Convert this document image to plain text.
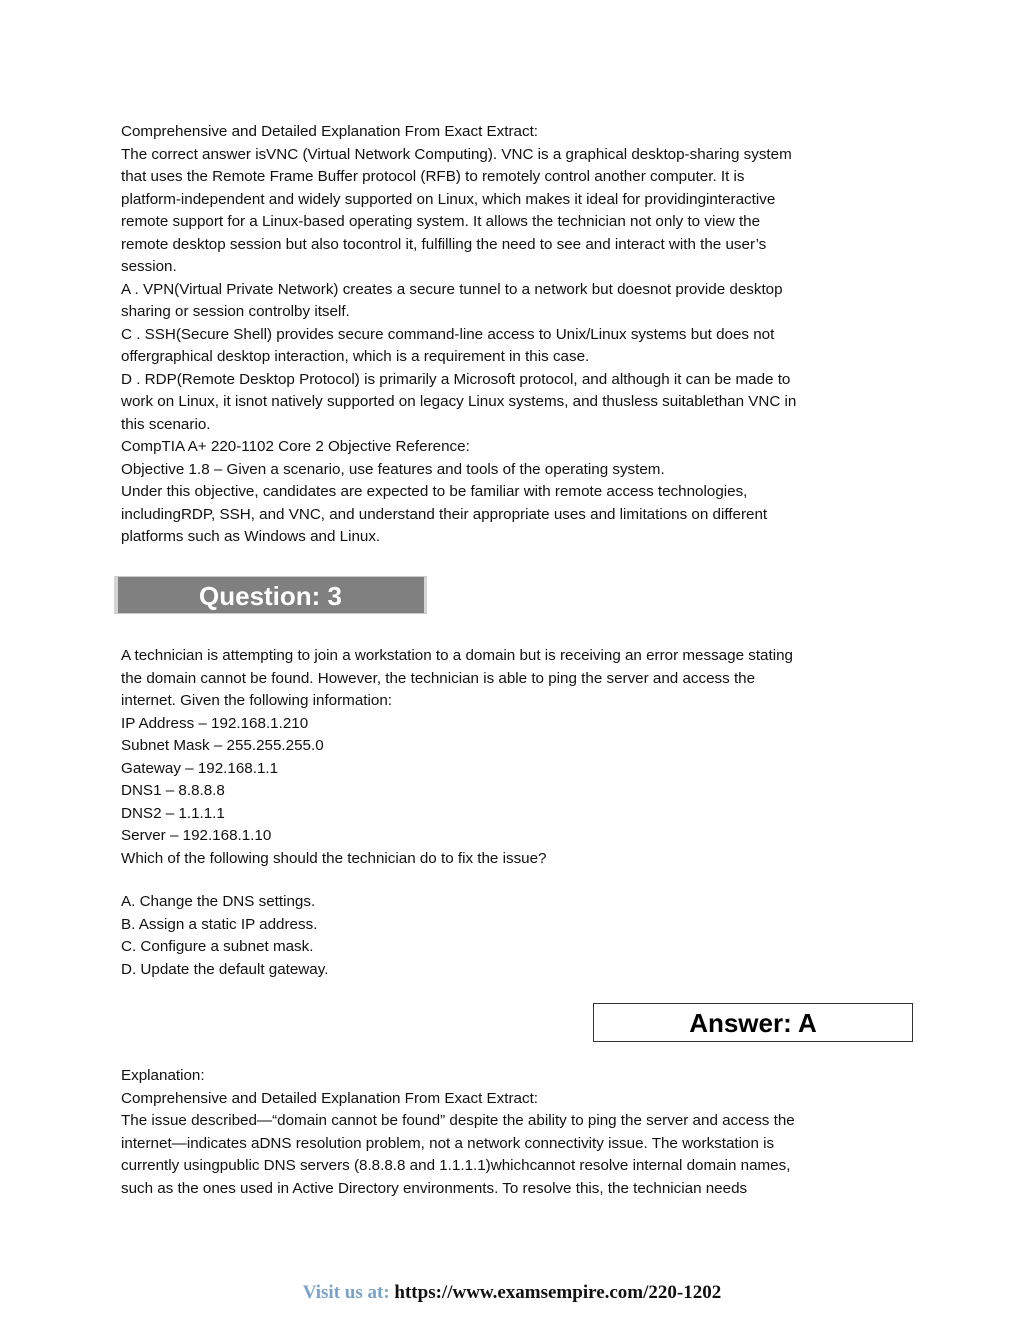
Comprehensive and Detailed Explanation From Exact Extract:
The correct answer isVNC (Virtual Network Computing). VNC is a graphical desktop-sharing system
that uses the Remote Frame Buffer protocol (RFB) to remotely control another computer. It is
platform-independent and widely supported on Linux, which makes it ideal for providinginteractive
remote support for a Linux-based operating system. It allows the technician not only to view the
remote desktop session but also tocontrol it, fulfilling the need to see and interact with the user’s
session.
A . VPN(Virtual Private Network) creates a secure tunnel to a network but doesnot provide desktop
sharing or session controlby itself.
C . SSH(Secure Shell) provides secure command-line access to Unix/Linux systems but does not
offergraphical desktop interaction, which is a requirement in this case.
D . RDP(Remote Desktop Protocol) is primarily a Microsoft protocol, and although it can be made to
work on Linux, it isnot natively supported on legacy Linux systems, and thusless suitablethan VNC in
this scenario.
CompTIA A+ 220-1102 Core 2 Objective Reference:
Objective 1.8 – Given a scenario, use features and tools of the operating system.
Under this objective, candidates are expected to be familiar with remote access technologies,
includingRDP, SSH, and VNC, and understand their appropriate uses and limitations on different
platforms such as Windows and Linux.
Question: 3
A technician is attempting to join a workstation to a domain but is receiving an error message stating
the domain cannot be found. However, the technician is able to ping the server and access the
internet. Given the following information:
IP Address – 192.168.1.210
Subnet Mask – 255.255.255.0
Gateway – 192.168.1.1
DNS1 – 8.8.8.8
DNS2 – 1.1.1.1
Server – 192.168.1.10
Which of the following should the technician do to fix the issue?
A. Change the DNS settings.
B. Assign a static IP address.
C. Configure a subnet mask.
D. Update the default gateway.
Answer: A
Explanation:
Comprehensive and Detailed Explanation From Exact Extract:
The issue described—“domain cannot be found” despite the ability to ping the server and access the
internet—indicates aDNS resolution problem, not a network connectivity issue. The workstation is
currently usingpublic DNS servers (8.8.8.8 and 1.1.1.1)whichcannot resolve internal domain names,
such as the ones used in Active Directory environments. To resolve this, the technician needs
Visit us at: https://www.examsempire.com/220-1202
